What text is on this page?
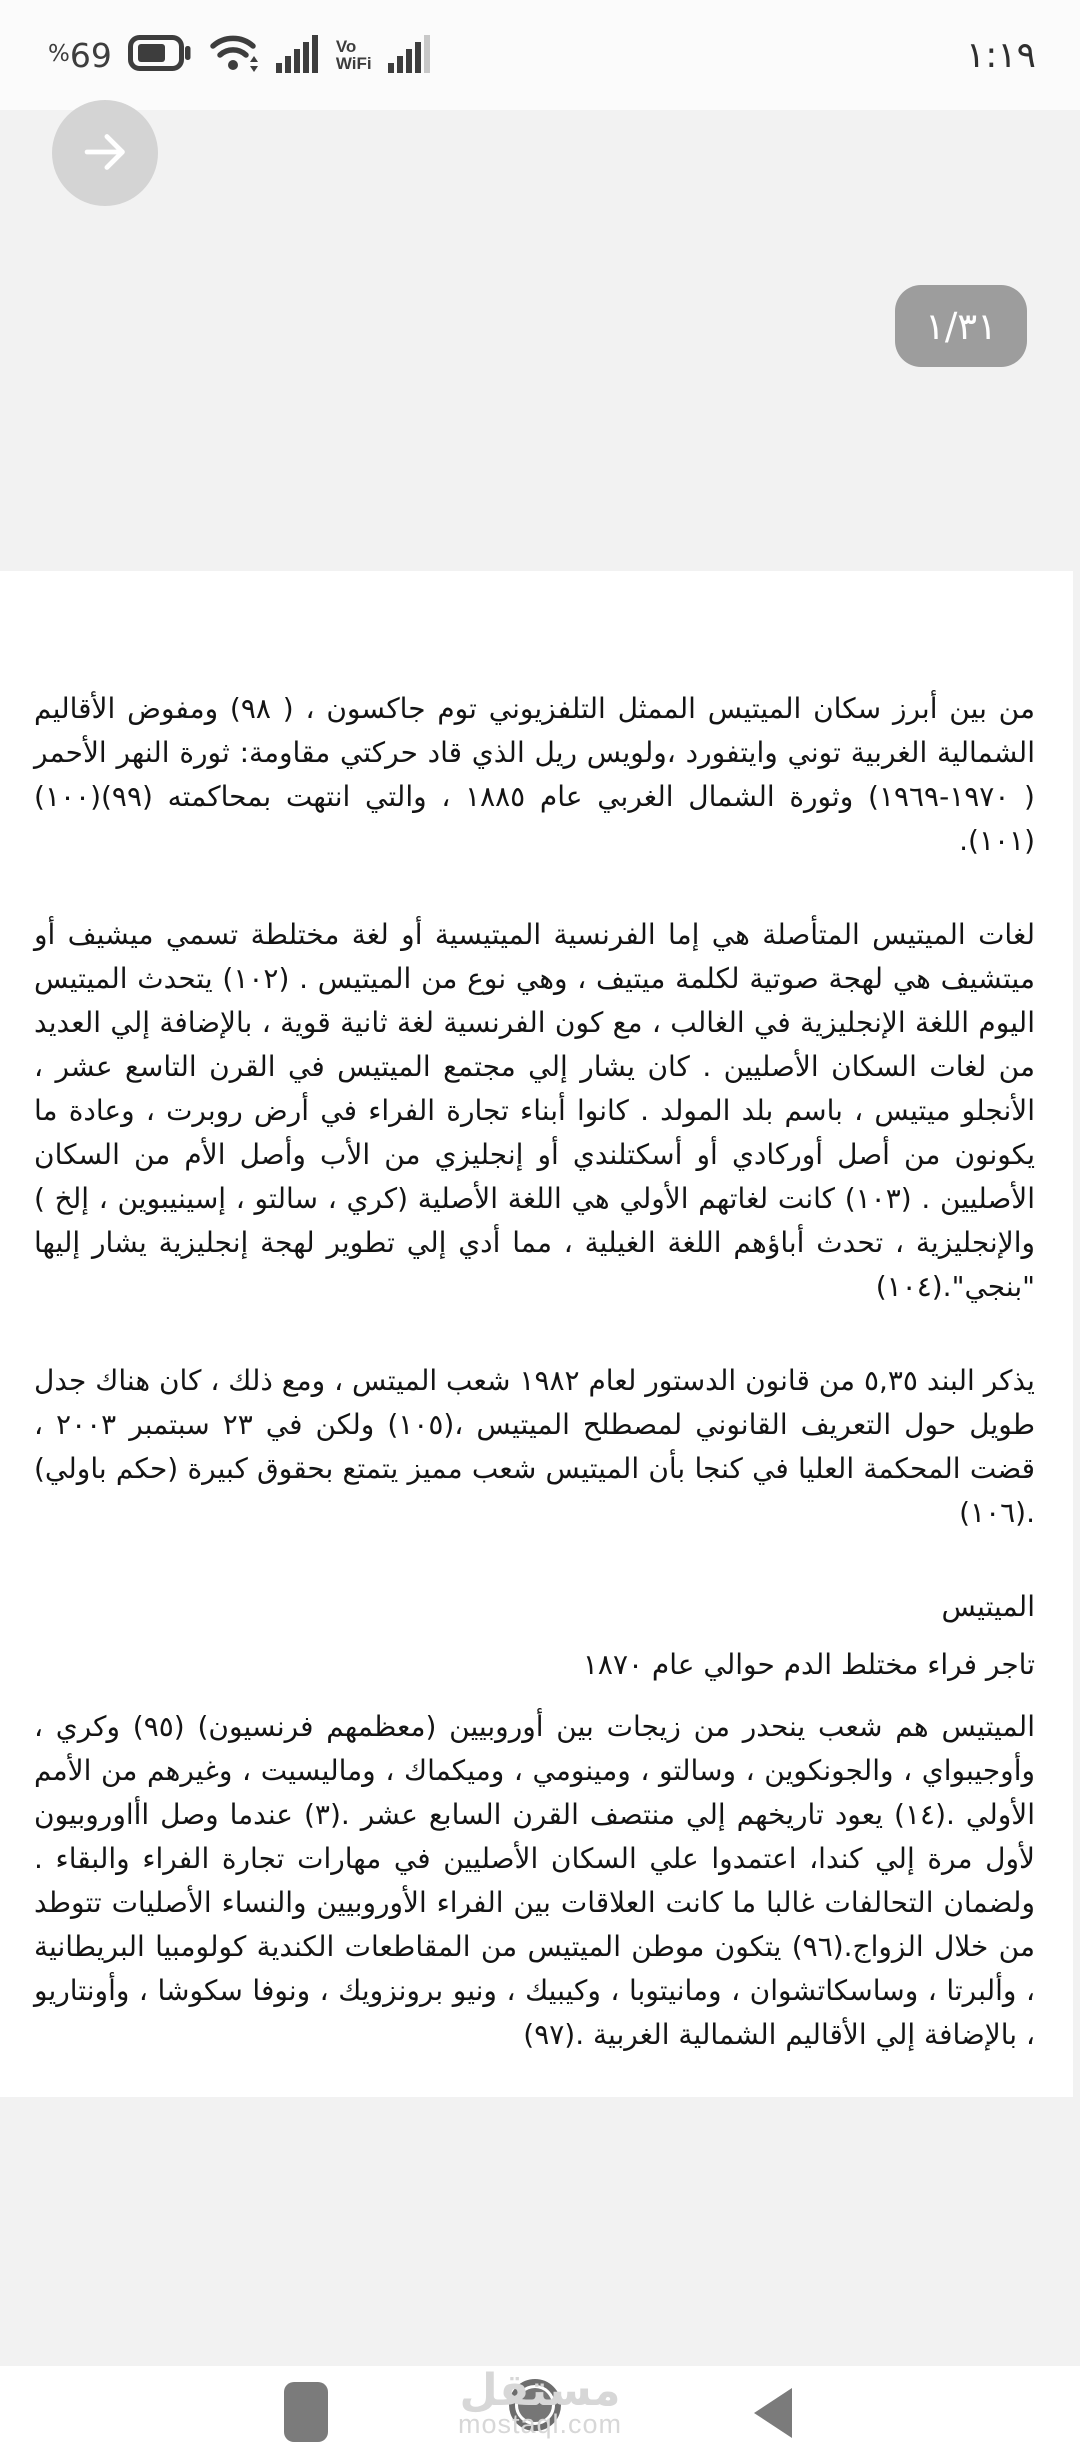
%69	Vo
WiFi	١:١٩

من بين أبرز سكان الميتيس الممثل التلفزيوني توم جاكسون ، ( ٩٨) ومفوض الأقاليم الشمالية الغربية توني وايتفورد ،ولويس ريل الذي قاد حركتي مقاومة: ثورة النهر الأحمر ( ١٩٧٠-١٩٦٩) وثورة الشمال الغربي عام ١٨٨٥ ، والتي انتهت بمحاكمته (٩٩)(١٠٠)(١٠١).

لغات الميتيس المتأصلة هي إما الفرنسية الميتيسية أو لغة مختلطة تسمي ميشيف أو ميتشيف هي لهجة صوتية لكلمة ميتيف ، وهي نوع من الميتيس . (١٠٢) يتحدث الميتيس اليوم اللغة الإنجليزية في الغالب ، مع كون الفرنسية لغة ثانية قوية ، بالإضافة إلي العديد من لغات السكان الأصليين . كان يشار إلي مجتمع الميتيس في القرن التاسع عشر ، الأنجلو ميتيس ، باسم بلد المولد . كانوا أبناء تجارة الفراء في أرض روبرت ، وعادة ما يكونون من أصل أوركادي أو أسكتلندي أو إنجليزي من الأب وأصل الأم من السكان الأصليين . (١٠٣) كانت لغاتهم الأولي هي اللغة الأصلية (كري ، سالتو ، إسينيبوين ، إلخ ) والإنجليزية ، تحدث أباؤهم اللغة الغيلية ، مما أدي إلي تطوير لهجة إنجليزية يشار إليها "بنجي".(١٠٤)

يذكر البند ٥,٣٥ من قانون الدستور لعام ١٩٨٢ شعب الميتس ، ومع ذلك ، كان هناك جدل طويل حول التعريف القانوني لمصطلح الميتيس ،(١٠٥) ولكن في ٢٣ سبتمبر ٢٠٠٣ ، قضت المحكمة العليا في كنجا بأن الميتيس شعب مميز يتمتع بحقوق كبيرة (حكم باولي) .(١٠٦)

الميتيس

تاجر فراء مختلط الدم حوالي عام ١٨٧٠

الميتيس هم شعب ينحدر من زيجات بين أوروبيين (معظمهم فرنسيون) (٩٥) وكري ، وأوجيبواي ، والجونكوين ، وسالتو ، ومينومي ، وميكماك ، وماليسيت ، وغيرهم من الأمم الأولي .(١٤) يعود تاريخهم إلي منتصف القرن السابع عشر .(٣) عندما وصل اأاوروبيون لأول مرة إلي كندا، اعتمدوا علي السكان الأصليين في مهارات تجارة الفراء والبقاء . ولضمان التحالفات غالبا ما كانت العلاقات بين الفراء الأوروبيين والنساء الأصليات تتوطد من خلال الزواج.(٩٦) يتكون موطن الميتيس من المقاطعات الكندية كولومبيا البريطانية ، وألبرتا ، وساسكاتشوان ، ومانيتوبا ، وكيبيك ، ونيو برونزويك ، ونوفا سكوشا ، وأونتاريو ، بالإضافة إلي الأقاليم الشمالية الغربية .(٩٧)

١/٣١
مستقل
mostaql.com
